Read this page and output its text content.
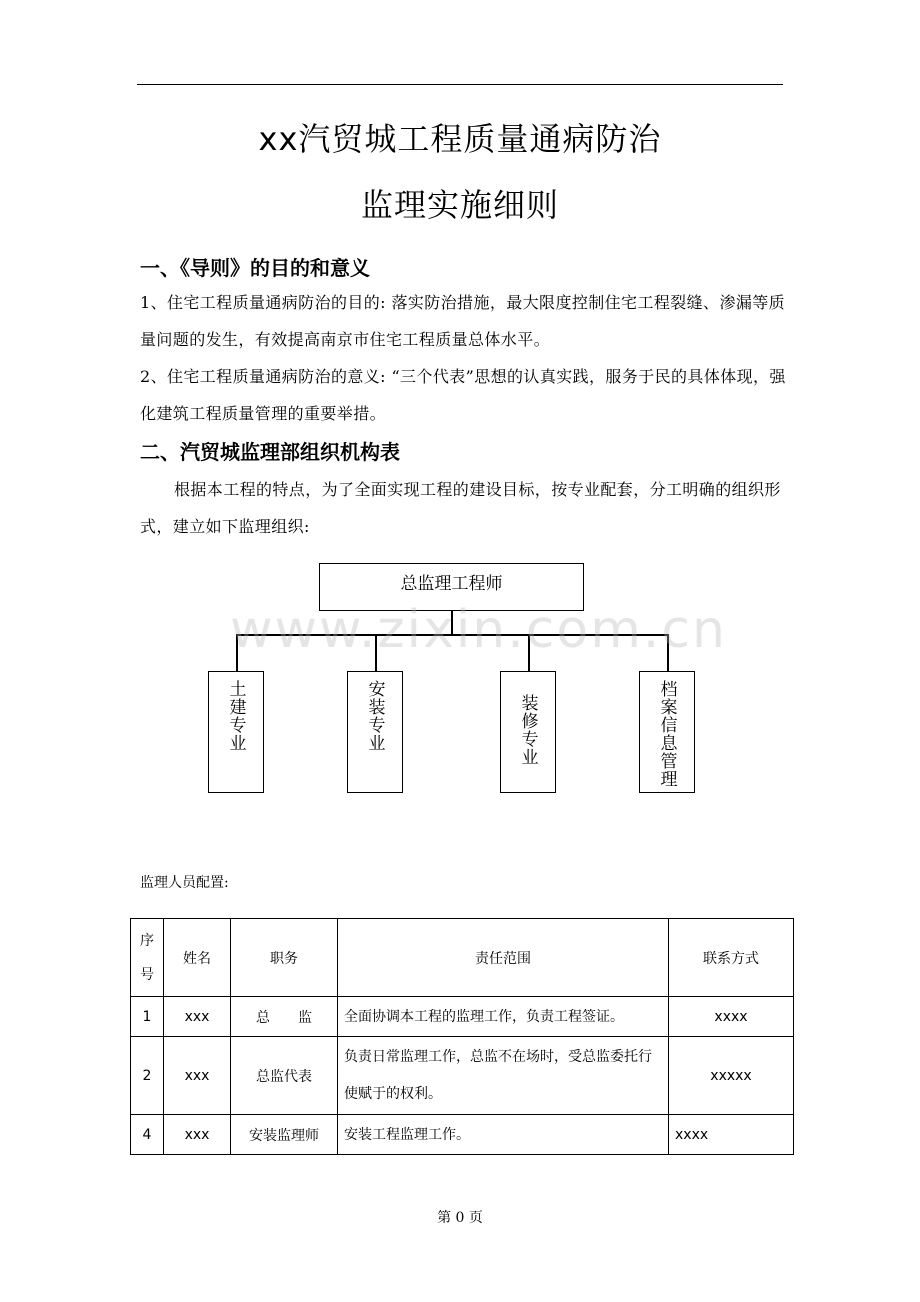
xx汽贸城工程质量通病防治
监理实施细则
一、《导则》的目的和意义

1、住宅工程质量通病防治的目的: 落实防治措施，最大限度控制住宅工程裂缝、渗漏等质量问题的发生，有效提高南京市住宅工程质量总体水平。

2、住宅工程质量通病防治的意义: “三个代表”思想的认真实践，服务于民的具体体现，强化建筑工程质量管理的重要举措。

二、汽贸城监理部组织机构表

根据本工程的特点，为了全面实现工程的建设目标，按专业配套，分工明确的组织形式，建立如下监理组织:

总监理工程师
土建专业	安装专业	装修专业	档案信息管理
www.zixin.com.cn
监理人员配置:
序号	姓名	职务	责任范围	联系方式
1	xxx	总　　监	全面协调本工程的监理工作，负责工程签证。	xxxx
2	xxx	总监代表	负责日常监理工作，总监不在场时，受总监委托行使赋于的权利。	xxxxx
4	xxx	安装监理师	安装工程监理工作。	xxxx
第 0 页
